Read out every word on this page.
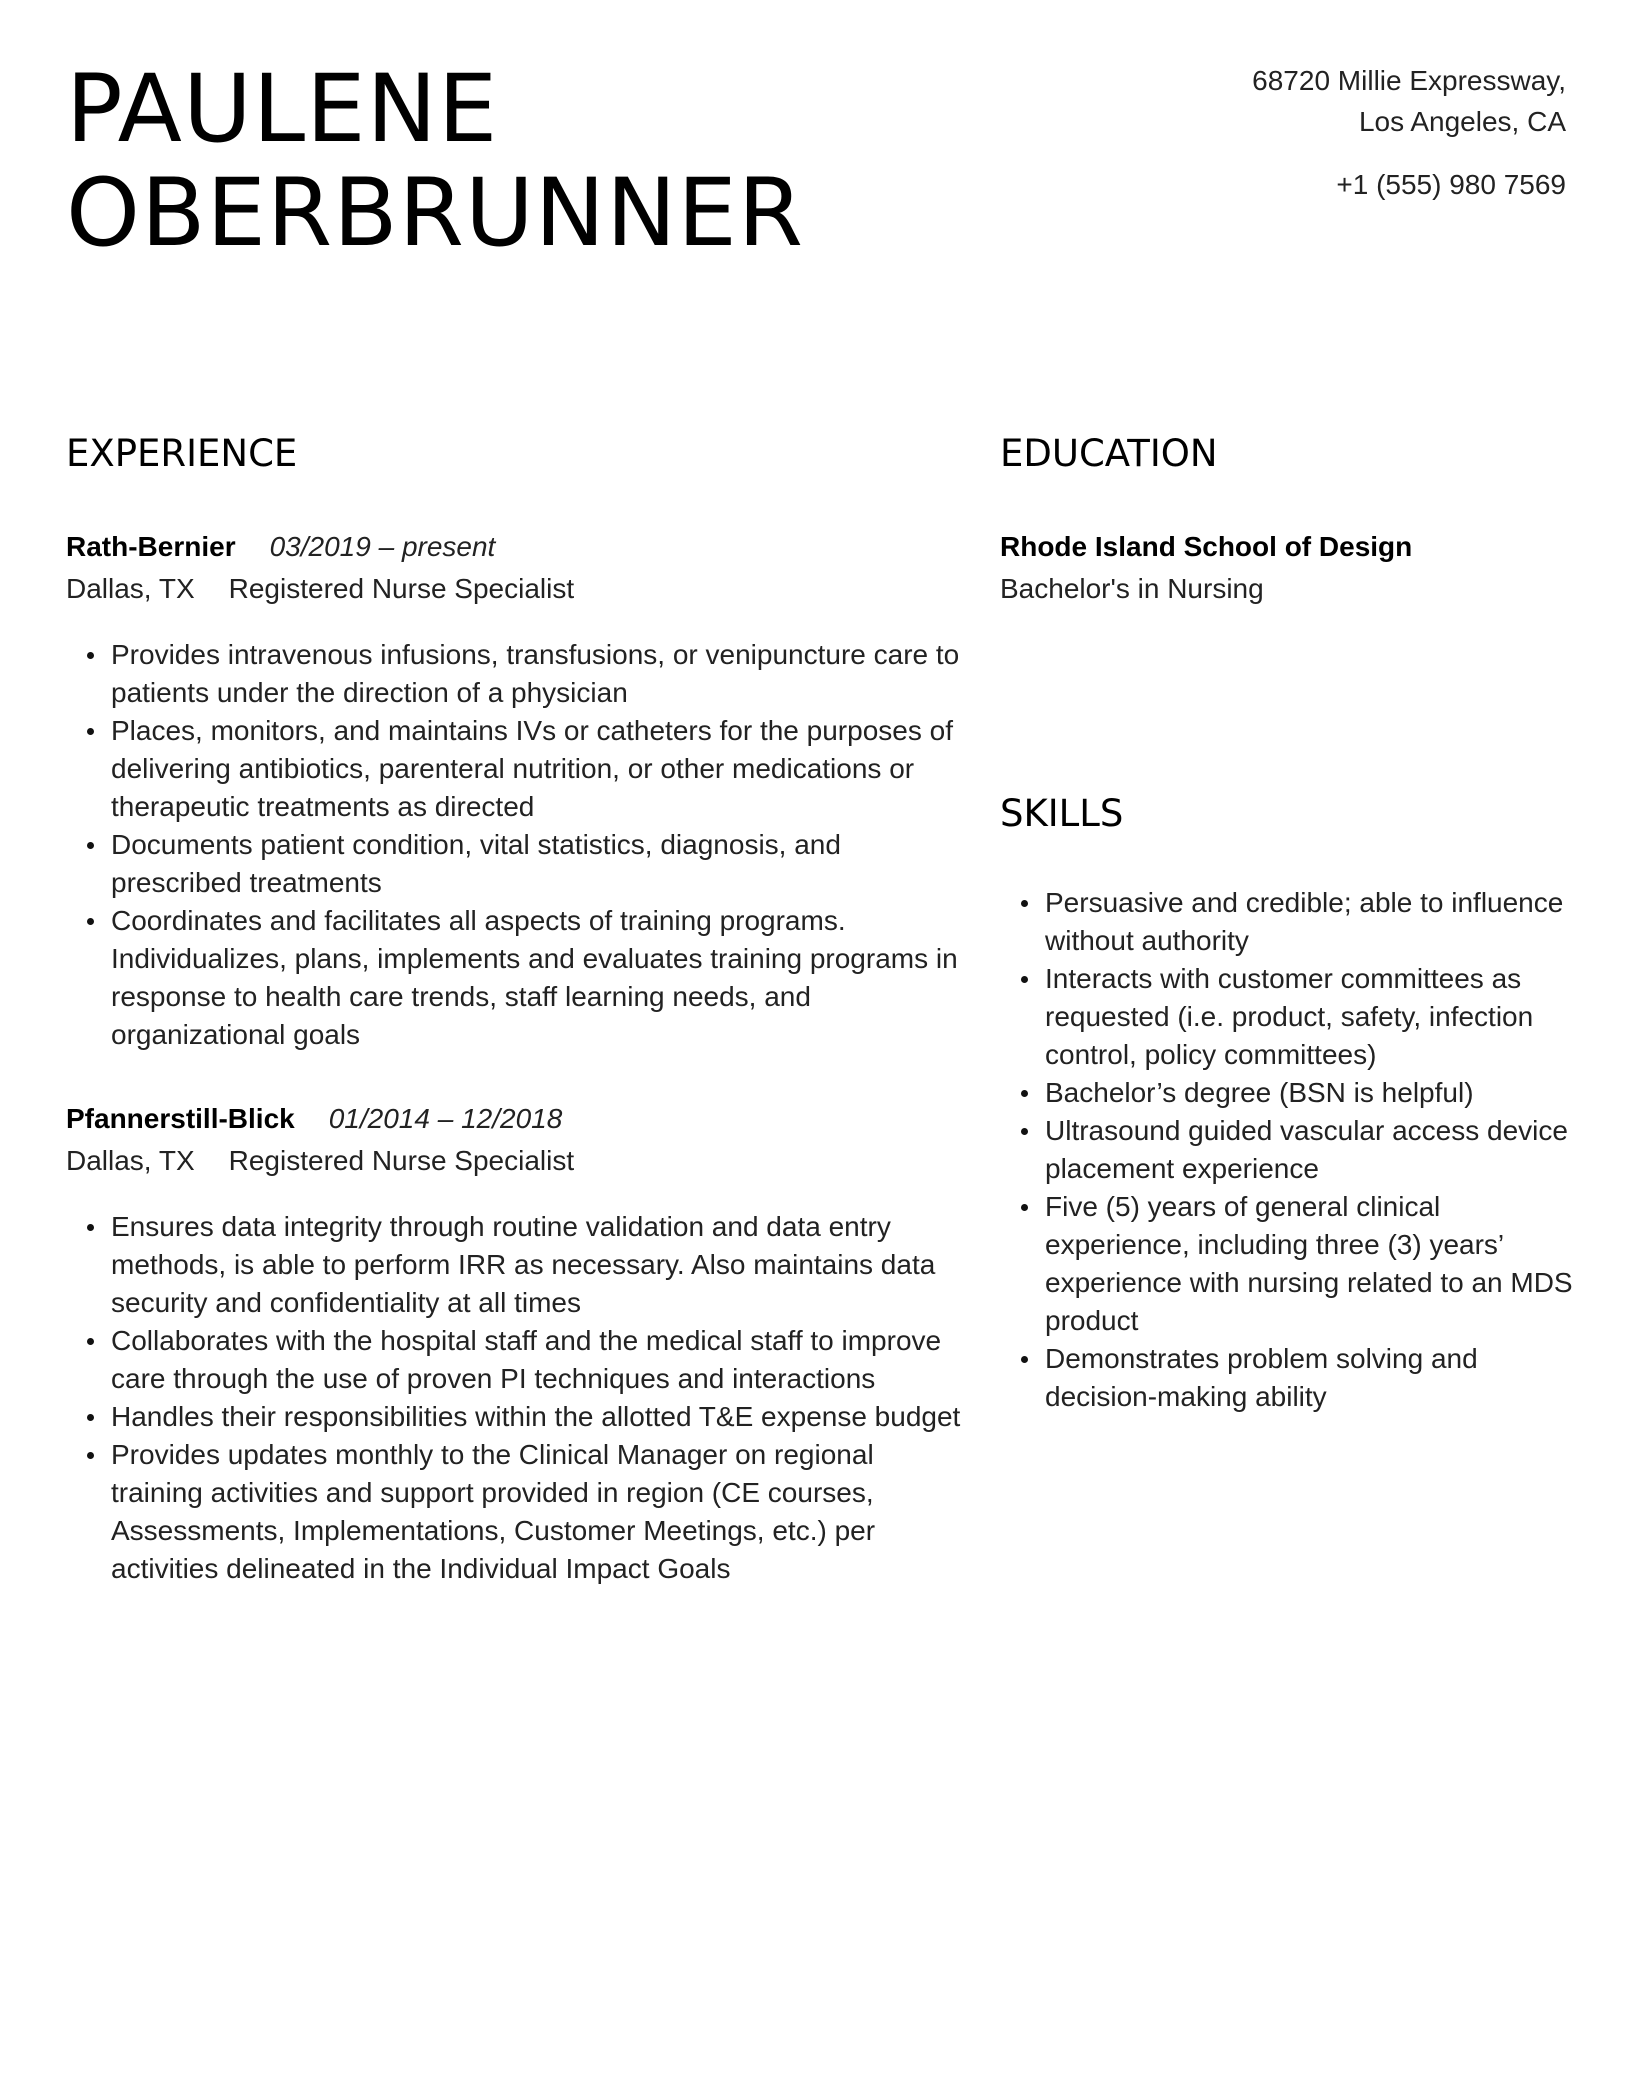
PAULENE
OBERBRUNNER
68720 Millie Expressway,
Los Angeles, CA
+1 (555) 980 7569
EXPERIENCE
Rath-Bernier 03/2019 – present
Dallas, TX Registered Nurse Specialist
Provides intravenous infusions, transfusions, or venipuncture care to patients under the direction of a physician
Places, monitors, and maintains IVs or catheters for the purposes of delivering antibiotics, parenteral nutrition, or other medications or therapeutic treatments as directed
Documents patient condition, vital statistics, diagnosis, and prescribed treatments
Coordinates and facilitates all aspects of training programs. Individualizes, plans, implements and evaluates training programs in response to health care trends, staff learning needs, and organizational goals
Pfannerstill-Blick 01/2014 – 12/2018
Dallas, TX Registered Nurse Specialist
Ensures data integrity through routine validation and data entry methods, is able to perform IRR as necessary. Also maintains data security and confidentiality at all times
Collaborates with the hospital staff and the medical staff to improve care through the use of proven PI techniques and interactions
Handles their responsibilities within the allotted T&E expense budget
Provides updates monthly to the Clinical Manager on regional training activities and support provided in region (CE courses, Assessments, Implementations, Customer Meetings, etc.) per activities delineated in the Individual Impact Goals
EDUCATION
Rhode Island School of Design
Bachelor's in Nursing
SKILLS
Persuasive and credible; able to influence without authority
Interacts with customer committees as requested (i.e. product, safety, infection control, policy committees)
Bachelor’s degree (BSN is helpful)
Ultrasound guided vascular access device placement experience
Five (5) years of general clinical experience, including three (3) years’ experience with nursing related to an MDS product
Demonstrates problem solving and decision-making ability
